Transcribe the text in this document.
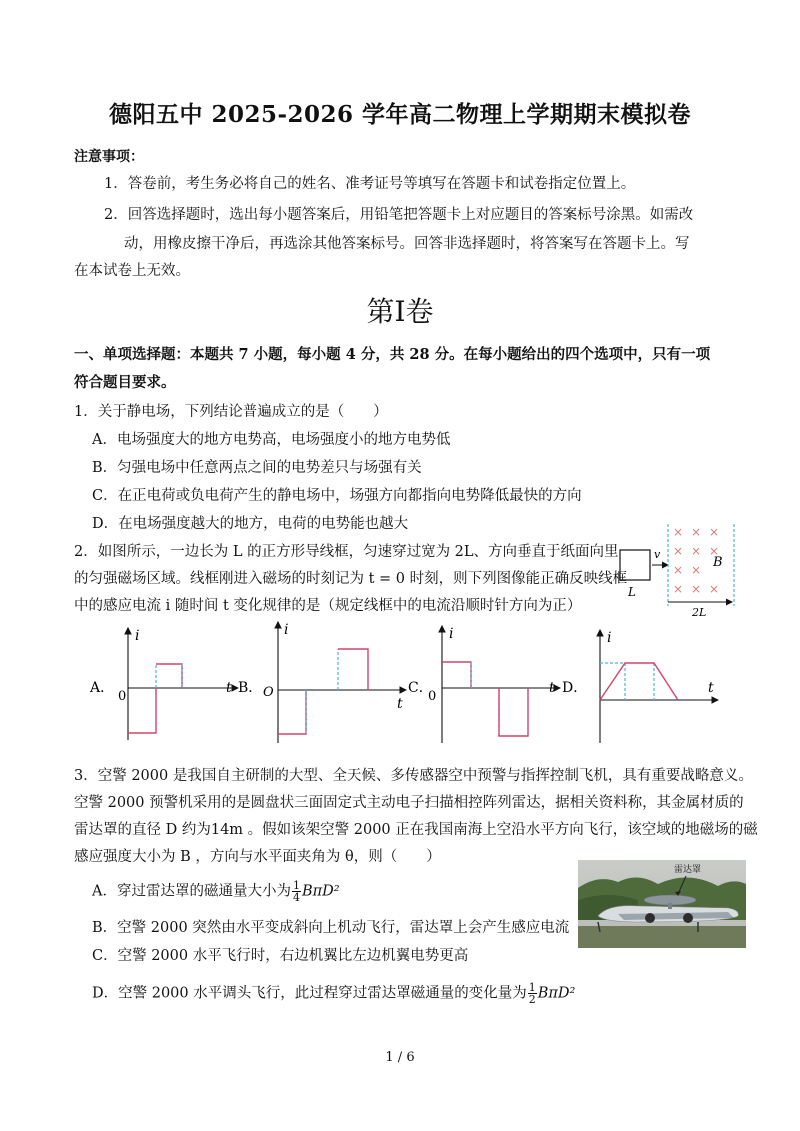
德阳五中 2025-2026 学年高二物理上学期期末模拟卷
注意事项：
1．答卷前，考生务必将自己的姓名、准考证号等填写在答题卡和试卷指定位置上。
2．回答选择题时，选出每小题答案后，用铅笔把答题卡上对应题目的答案标号涂黑。如需改
动，用橡皮擦干净后，再选涂其他答案标号。回答非选择题时，将答案写在答题卡上。写
在本试卷上无效。
第I卷
一、单项选择题：本题共 7 小题，每小题 4 分，共 28 分。在每小题给出的四个选项中，只有一项
符合题目要求。
1．关于静电场，下列结论普遍成立的是（　　）
A．电场强度大的地方电势高，电场强度小的地方电势低
B．匀强电场中任意两点之间的电势差只与场强有关
C．在正电荷或负电荷产生的静电场中，场强方向都指向电势降低最快的方向
D．在电场强度越大的地方，电荷的电势能也越大
2．如图所示，一边长为 L 的正方形导线框，匀速穿过宽为 2L、方向垂直于纸面向里
的匀强磁场区域。线框刚进入磁场的时刻记为 t = 0 时刻，则下列图像能正确反映线框
中的感应电流 i 随时间 t 变化规律的是（规定线框中的电流沿顺时针方向为正）
v
L
× × ×
× × ×
× ×
× × ×
B
2L
i
t
0
A．	B． O
i
t
C．
i
t
0
D．
i
t
3．空警 2000 是我国自主研制的大型、全天候、多传感器空中预警与指挥控制飞机，具有重要战略意义。
空警 2000 预警机采用的是圆盘状三面固定式主动电子扫描相控阵列雷达，据相关资料称，其金属材质的
雷达罩的直径 D 约为14m 。假如该架空警 2000 正在我国南海上空沿水平方向飞行，该空域的地磁场的磁
感应强度大小为 B ，方向与水平面夹角为 θ，则（　　）
A．穿过雷达罩的磁通量大小为 $\frac{1}{4} B\pi D^2$
B．空警 2000 突然由水平变成斜向上机动飞行，雷达罩上会产生感应电流
C．空警 2000 水平飞行时，右边机翼比左边机翼电势更高
D．空警 2000 水平调头飞行，此过程穿过雷达罩磁通量的变化量为 $\frac{1}{2} B\pi D^2$
雷达罩
1 / 6
